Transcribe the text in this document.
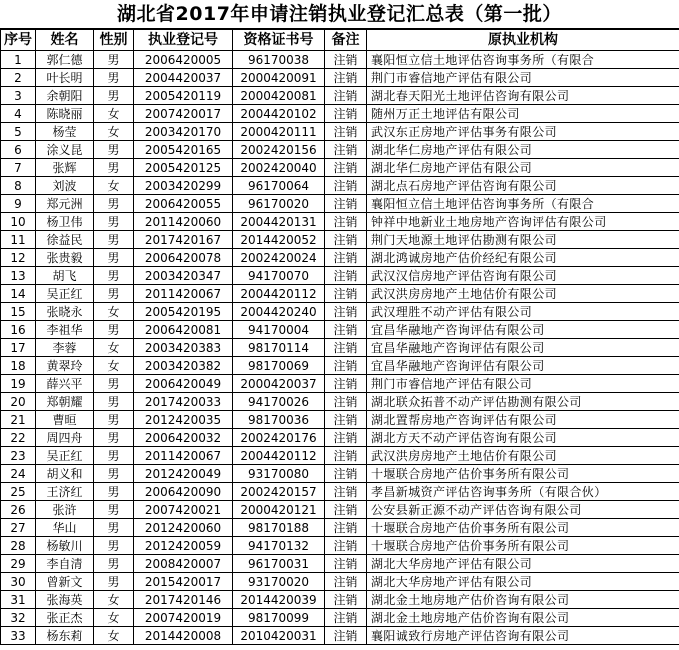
湖北省2017年申请注销执业登记汇总表（第一批）
序号	姓名	性别	执业登记号	资格证书号	备注	原执业机构
1	郭仁德	男	2006420005	96170038	注销	襄阳恒立信土地评估咨询事务所（有限合
2	叶长明	男	2004420037	2000420091	注销	荆门市睿信地产评估有限公司
3	余朝阳	男	2005420119	2000420081	注销	湖北春天阳光土地评估咨询有限公司
4	陈晓丽	女	2007420017	2004420102	注销	随州万正土地评估有限公司
5	杨莹	女	2003420170	2000420111	注销	武汉东正房地产评估事务有限公司
6	涂义昆	男	2005420165	2002420156	注销	湖北华仁房地产评估有限公司
7	张辉	男	2005420125	2002420040	注销	湖北华仁房地产评估有限公司
8	刘波	女	2003420299	96170064	注销	湖北点石房地产评估咨询有限公司
9	郑元洲	男	2006420055	96170020	注销	襄阳恒立信土地评估咨询事务所（有限合
10	杨卫伟	男	2011420060	2004420131	注销	钟祥中地新业土地房地产咨询评估有限公司
11	徐益民	男	2017420167	2014420052	注销	荆门天地源土地评估勘测有限公司
12	张贵毅	男	2006420078	2002420024	注销	湖北鸿诚房地产估价经纪有限公司
13	胡飞	男	2003420347	94170070	注销	武汉汉信房地产评估咨询有限公司
14	吴正红	男	2011420067	2004420112	注销	武汉洪房房地产土地估价有限公司
15	张晓永	女	2005420195	2004420240	注销	武汉理胜不动产评估有限公司
16	李祖华	男	2006420081	94170004	注销	宜昌华融地产咨询评估有限公司
17	李蓉	女	2003420383	98170114	注销	宜昌华融地产咨询评估有限公司
18	黄翠玲	女	2003420382	98170069	注销	宜昌华融地产咨询评估有限公司
19	薛兴平	男	2006420049	2000420037	注销	荆门市睿信地产评估有限公司
20	郑朝耀	男	2017420033	94170026	注销	湖北联众拓普不动产评估勘测有限公司
21	曹晅	男	2012420035	98170036	注销	湖北置帮房地产咨询评估有限公司
22	周四舟	男	2006420032	2002420176	注销	湖北方天不动产评估咨询有限公司
23	吴正红	男	2011420067	2004420112	注销	武汉洪房房地产土地估价有限公司
24	胡义和	男	2012420049	93170080	注销	十堰联合房地产估价事务所有限公司
25	王济红	男	2006420090	2002420157	注销	孝昌新城资产评估咨询事务所（有限合伙）
26	张浒	男	2007420021	2000420121	注销	公安县新正源不动产评估咨询有限公司
27	华山	男	2012420060	98170188	注销	十堰联合房地产估价事务所有限公司
28	杨敏川	男	2012420059	94170132	注销	十堰联合房地产估价事务所有限公司
29	李自清	男	2008420007	96170031	注销	湖北大华房地产评估有限公司
30	曾新文	男	2015420017	93170020	注销	湖北大华房地产评估有限公司
31	张海英	女	2017420146	2014420039	注销	湖北金土地房地产估价咨询有限公司
32	张正杰	女	2007420019	98170099	注销	湖北金土地房地产估价咨询有限公司
33	杨东莉	女	2014420008	2010420031	注销	襄阳诚致行房地产评估咨询有限公司
